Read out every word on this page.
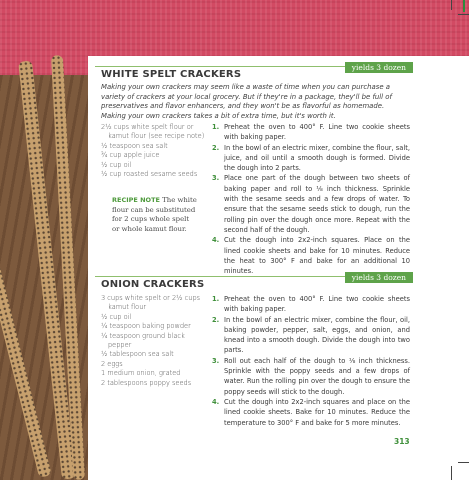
yields 3 dozen
WHITE SPELT CRACKERS

Making your own crackers may seem like a waste of time when you can purchase a variety of crackers at your local grocery. But if they're in a package, they'll be full of preservatives and flavor enhancers, and they won't be as flavorful as homemade. Making your own crackers takes a bit of extra time, but it's worth it.

2½ cups white spelt flour or kamut flour (see recipe note)
½ teaspoon sea salt
¾ cup apple juice
½ cup oil
½ cup roasted sesame seeds
RECIPE NOTE The white flour can be substituted for 2 cups whole spelt or whole kamut flour.
1. Preheat the oven to 400° F. Line two cookie sheets with baking paper.
2. In the bowl of an electric mixer, combine the flour, salt, juice, and oil until a smooth dough is formed. Divide the dough into 2 parts.
3. Place one part of the dough between two sheets of baking paper and roll to ⅛ inch thickness. Sprinkle with the sesame seeds and a few drops of water. To ensure that the sesame seeds stick to dough, run the rolling pin over the dough once more. Repeat with the second half of the dough.
4. Cut the dough into 2x2-inch squares. Place on the lined cookie sheets and bake for 10 minutes. Reduce the heat to 300° F and bake for an additional 10 minutes.
yields 3 dozen
ONION CRACKERS
3 cups white spelt or 2½ cups kamut flour
½ cup oil
¼ teaspoon baking powder
¼ teaspoon ground black pepper
½ tablespoon sea salt
2 eggs
1 medium onion, grated
2 tablespoons poppy seeds
1. Preheat the oven to 400° F. Line two cookie sheets with baking paper.
2. In the bowl of an electric mixer, combine the flour, oil, baking powder, pepper, salt, eggs, and onion, and knead into a smooth dough. Divide the dough into two parts.
3. Roll out each half of the dough to ⅛ inch thickness. Sprinkle with the poppy seeds and a few drops of water. Run the rolling pin over the dough to ensure the poppy seeds will stick to the dough.
4. Cut the dough into 2x2-inch squares and place on the lined cookie sheets. Bake for 10 minutes. Reduce the temperature to 300° F and bake for 5 more minutes.
313
